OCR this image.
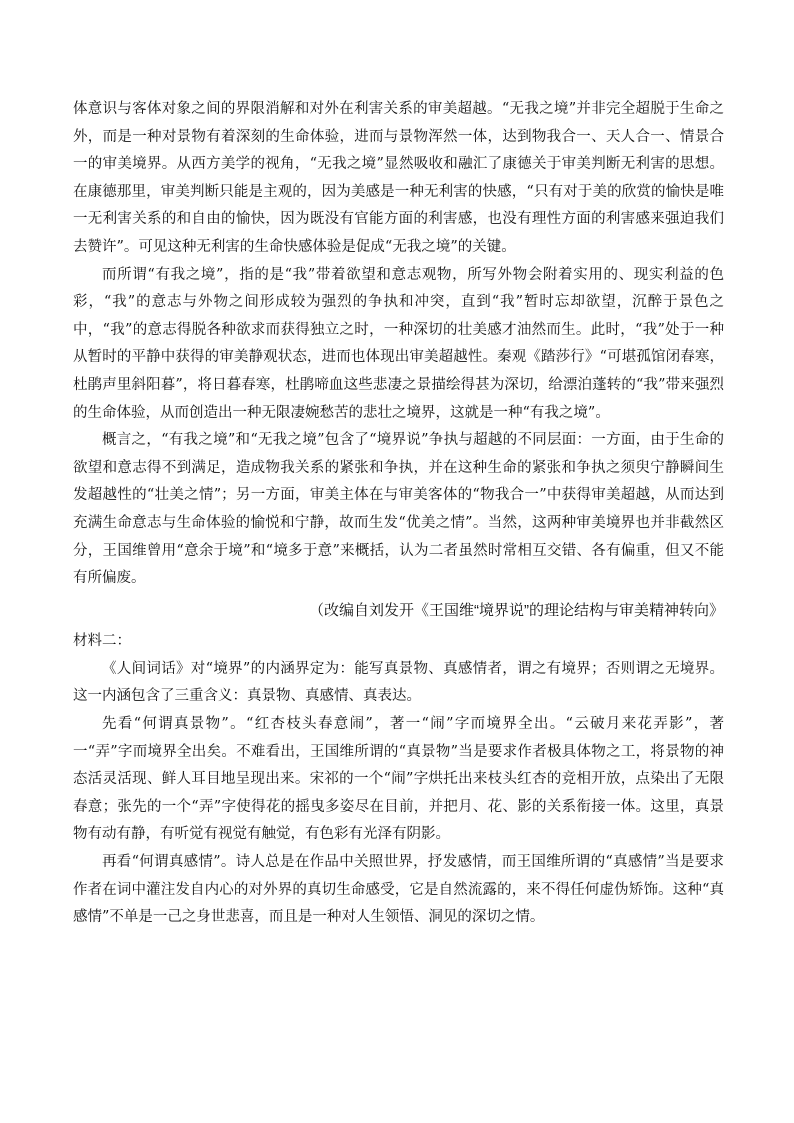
体意识与客体对象之间的界限消解和对外在利害关系的审美超越。“无我之境”并非完全超脱于生命之外，而是一种对景物有着深刻的生命体验，进而与景物浑然一体，达到物我合一、天人合一、情景合一的审美境界。从西方美学的视角，“无我之境”显然吸收和融汇了康德关于审美判断无利害的思想。在康德那里，审美判断只能是主观的，因为美感是一种无利害的快感，“只有对于美的欣赏的愉快是唯一无利害关系的和自由的愉快，因为既没有官能方面的利害感，也没有理性方面的利害感来强迫我们去赞许”。可见这种无利害的生命快感体验是促成“无我之境”的关键。

而所谓“有我之境”，指的是“我”带着欲望和意志观物，所写外物会附着实用的、现实利益的色彩，“我”的意志与外物之间形成较为强烈的争执和冲突，直到“我”暂时忘却欲望，沉醉于景色之中，“我”的意志得脱各种欲求而获得独立之时，一种深切的壮美感才油然而生。此时，“我”处于一种从暂时的平静中获得的审美静观状态，进而也体现出审美超越性。秦观《踏莎行》“可堪孤馆闭春寒，杜鹃声里斜阳暮”，将日暮春寒，杜鹃啼血这些悲凄之景描绘得甚为深切，给漂泊蓬转的“我”带来强烈的生命体验，从而创造出一种无限凄婉愁苦的悲壮之境界，这就是一种“有我之境”。

概言之，“有我之境”和“无我之境”包含了“境界说”争执与超越的不同层面：一方面，由于生命的欲望和意志得不到满足，造成物我关系的紧张和争执，并在这种生命的紧张和争执之须臾宁静瞬间生发超越性的“壮美之情”；另一方面，审美主体在与审美客体的“物我合一”中获得审美超越，从而达到充满生命意志与生命体验的愉悦和宁静，故而生发“优美之情”。当然，这两种审美境界也并非截然区分，王国维曾用“意余于境”和“境多于意”来概括，认为二者虽然时常相互交错、各有偏重，但又不能有所偏废。

（改编自刘发开《王国维“境界说”的理论结构与审美精神转向》

材料二：

《人间词话》对“境界”的内涵界定为：能写真景物、真感情者，谓之有境界；否则谓之无境界。这一内涵包含了三重含义：真景物、真感情、真表达。

先看“何谓真景物”。“红杏枝头春意闹”，著一“闹”字而境界全出。“云破月来花弄影”，著一“弄”字而境界全出矣。不难看出，王国维所谓的“真景物”当是要求作者极具体物之工，将景物的神态活灵活现、鲜人耳目地呈现出来。宋祁的一个“闹”字烘托出来枝头红杏的竞相开放，点染出了无限春意；张先的一个“弄”字使得花的摇曳多姿尽在目前，并把月、花、影的关系衔接一体。这里，真景物有动有静，有听觉有视觉有触觉，有色彩有光泽有阴影。

再看“何谓真感情”。诗人总是在作品中关照世界，抒发感情，而王国维所谓的“真感情”当是要求作者在词中灌注发自内心的对外界的真切生命感受，它是自然流露的，来不得任何虚伪矫饰。这种“真感情”不单是一己之身世悲喜，而且是一种对人生领悟、洞见的深切之情。
